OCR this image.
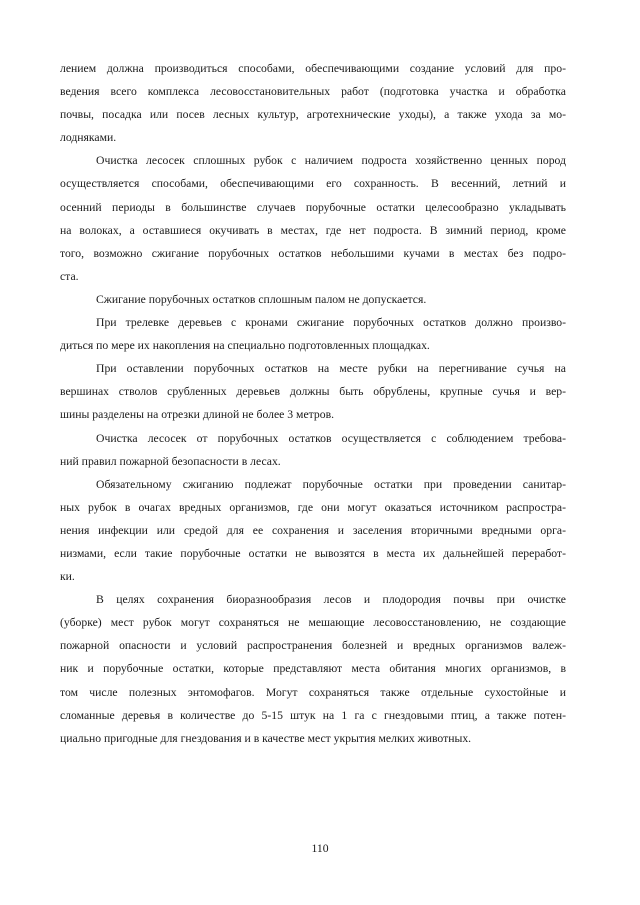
лением должна производиться способами, обеспечивающими создание условий для про-
ведения всего комплекса лесовосстановительных работ (подготовка участка и обработка
почвы, посадка или посев лесных культур, агротехнические уходы), а также ухода за мо-
лодняками.
Очистка лесосек сплошных рубок с наличием подроста хозяйственно ценных пород
осуществляется способами, обеспечивающими его сохранность. В весенний, летний и
осенний периоды в большинстве случаев порубочные остатки целесообразно укладывать
на волоках, а оставшиеся окучивать в местах, где нет подроста. В зимний период, кроме
того, возможно сжигание порубочных остатков небольшими кучами в местах без подро-
ста.
Сжигание порубочных остатков сплошным палом не допускается.
При трелевке деревьев с кронами сжигание порубочных остатков должно произво-
диться по мере их накопления на специально подготовленных площадках.
При оставлении порубочных остатков на месте рубки на перегнивание сучья на
вершинах стволов срубленных деревьев должны быть обрублены, крупные сучья и вер-
шины разделены на отрезки длиной не более 3 метров.
Очистка лесосек от порубочных остатков осуществляется с соблюдением требова-
ний правил пожарной безопасности в лесах.
Обязательному сжиганию подлежат порубочные остатки при проведении санитар-
ных рубок в очагах вредных организмов, где они могут оказаться источником распростра-
нения инфекции или средой для ее сохранения и заселения вторичными вредными орга-
низмами, если такие порубочные остатки не вывозятся в места их дальнейшей переработ-
ки.
В целях сохранения биоразнообразия лесов и плодородия почвы при очистке
(уборке) мест рубок могут сохраняться не мешающие лесовосстановлению, не создающие
пожарной опасности и условий распространения болезней и вредных организмов валеж-
ник и порубочные остатки, которые представляют места обитания многих организмов, в
том числе полезных энтомофагов. Могут сохраняться также отдельные сухостойные и
сломанные деревья в количестве до 5-15 штук на 1 га с гнездовыми птиц, а также потен-
циально пригодные для гнездования и в качестве мест укрытия мелких животных.
110
